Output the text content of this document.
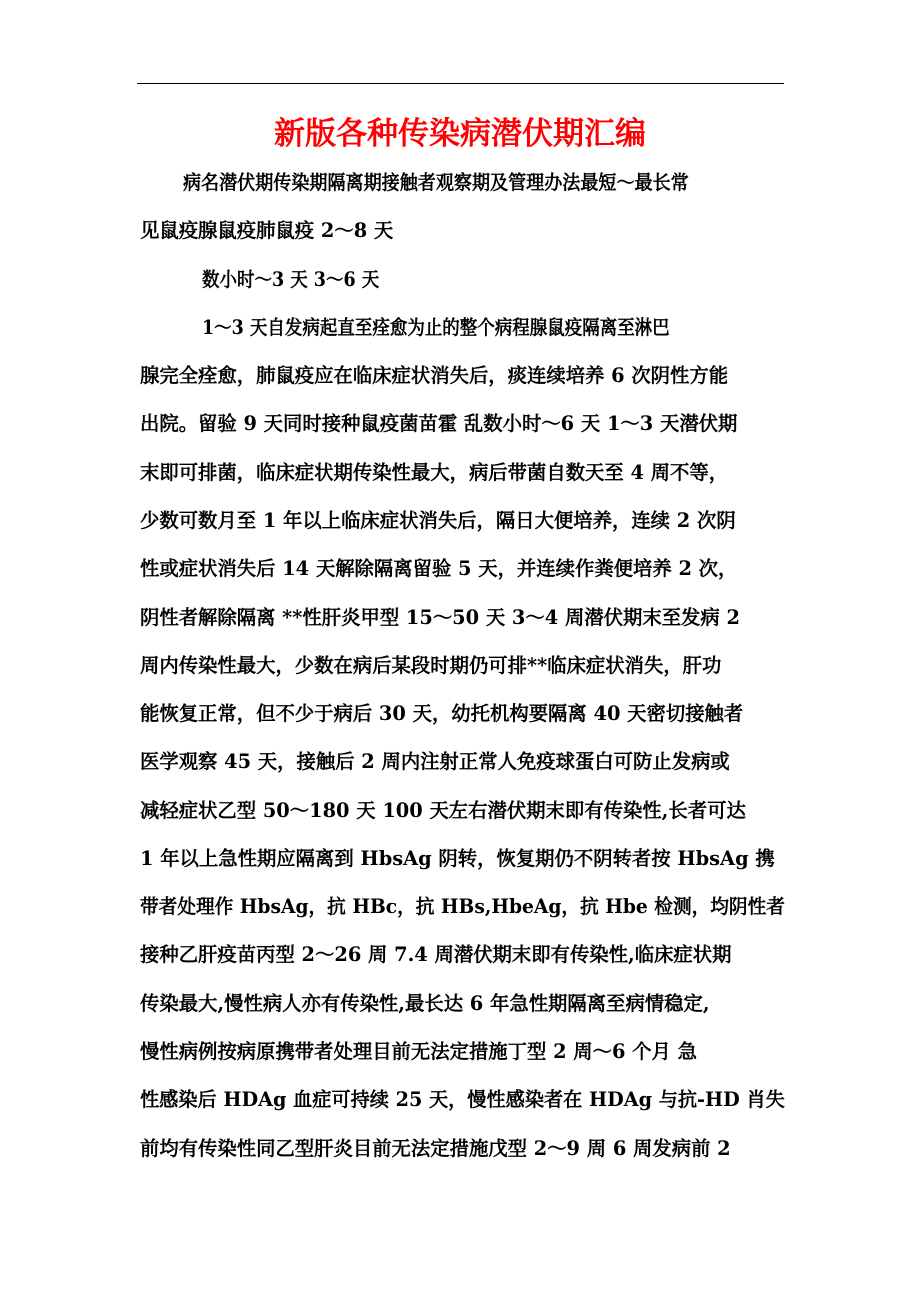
新版各种传染病潜伏期汇编
病名潜伏期传染期隔离期接触者观察期及管理办法最短～最长常
见鼠疫腺鼠疫肺鼠疫 2～8 天
数小时～3 天 3～6 天
1～3 天自发病起直至痊愈为止的整个病程腺鼠疫隔离至淋巴
腺完全痊愈，肺鼠疫应在临床症状消失后，痰连续培养 6 次阴性方能
出院。留验 9 天同时接种鼠疫菌苗霍 乱数小时～6 天 1～3 天潜伏期
末即可排菌，临床症状期传染性最大，病后带菌自数天至 4 周不等，
少数可数月至 1 年以上临床症状消失后，隔日大便培养，连续 2 次阴
性或症状消失后 14 天解除隔离留验 5 天，并连续作粪便培养 2 次，
阴性者解除隔离 **性肝炎甲型 15～50 天 3～4 周潜伏期末至发病 2
周内传染性最大，少数在病后某段时期仍可排**临床症状消失，肝功
能恢复正常，但不少于病后 30 天，幼托机构要隔离 40 天密切接触者
医学观察 45 天，接触后 2 周内注射正常人免疫球蛋白可防止发病或
减轻症状乙型 50～180 天 100 天左右潜伏期末即有传染性,长者可达
1 年以上急性期应隔离到 HbsAg 阴转，恢复期仍不阴转者按 HbsAg 携
带者处理作 HbsAg，抗 HBc，抗 HBs,HbeAg，抗 Hbe 检测，均阴性者
接种乙肝疫苗丙型 2～26 周 7.4 周潜伏期末即有传染性,临床症状期
传染最大,慢性病人亦有传染性,最长达 6 年急性期隔离至病情稳定,
慢性病例按病原携带者处理目前无法定措施丁型 2 周～6 个月 急
性感染后 HDAg 血症可持续 25 天，慢性感染者在 HDAg 与抗-HD 肖失
前均有传染性同乙型肝炎目前无法定措施戊型 2～9 周 6 周发病前 2
